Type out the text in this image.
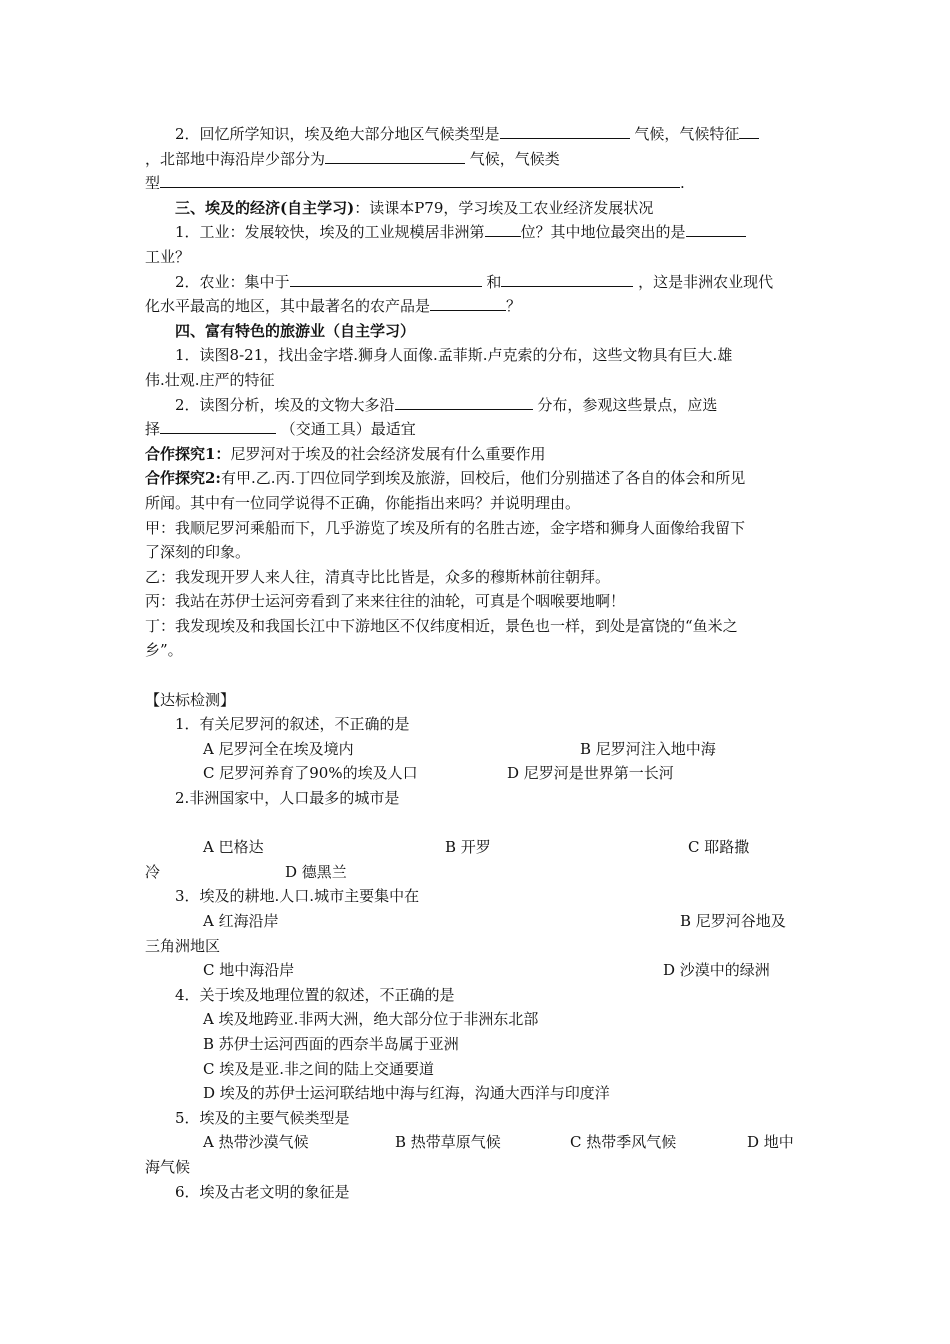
2．回忆所学知识，埃及绝大部分地区气候类型是	气候，气候特征
，北部地中海沿岸少部分为	气候，气候类
型	.
三、埃及的经济(自主学习)：读课本P79，学习埃及工农业经济发展状况
1．工业：发展较快，埃及的工业规模居非洲第 位？其中地位最突出的是
工业？
2．农业：集中于	和	，这是非洲农业现代
化水平最高的地区，其中最著名的农产品是	？
四、富有特色的旅游业（自主学习）
1．读图8-21，找出金字塔.狮身人面像.孟菲斯.卢克索的分布，这些文物具有巨大.雄
伟.壮观.庄严的特征
2．读图分析，埃及的文物大多沿	分布，参观这些景点，应选
择	（交通工具）最适宜
合作探究1：尼罗河对于埃及的社会经济发展有什么重要作用
合作探究2:有甲.乙.丙.丁四位同学到埃及旅游，回校后，他们分别描述了各自的体会和所见
所闻。其中有一位同学说得不正确，你能指出来吗？并说明理由。
甲：我顺尼罗河乘船而下，几乎游览了埃及所有的名胜古迹，金字塔和狮身人面像给我留下
了深刻的印象。
乙：我发现开罗人来人往，清真寺比比皆是，众多的穆斯林前往朝拜。
丙：我站在苏伊士运河旁看到了来来往往的油轮，可真是个咽喉要地啊！
丁：我发现埃及和我国长江中下游地区不仅纬度相近，景色也一样，到处是富饶的“鱼米之
乡”。
【达标检测】
1．有关尼罗河的叙述，不正确的是
A 尼罗河全在埃及境内	B 尼罗河注入地中海
C 尼罗河养育了90%的埃及人口	D 尼罗河是世界第一长河
2.非洲国家中，人口最多的城市是
A 巴格达	B 开罗	C 耶路撒
冷	D 德黑兰
3．埃及的耕地.人口.城市主要集中在
A 红海沿岸	B 尼罗河谷地及
三角洲地区
C 地中海沿岸	D 沙漠中的绿洲
4．关于埃及地理位置的叙述，不正确的是
A 埃及地跨亚.非两大洲，绝大部分位于非洲东北部
B 苏伊士运河西面的西奈半岛属于亚洲
C 埃及是亚.非之间的陆上交通要道
D 埃及的苏伊士运河联结地中海与红海，沟通大西洋与印度洋
5．埃及的主要气候类型是
A 热带沙漠气候	B 热带草原气候	C 热带季风气候	D 地中
海气候
6．埃及古老文明的象征是
